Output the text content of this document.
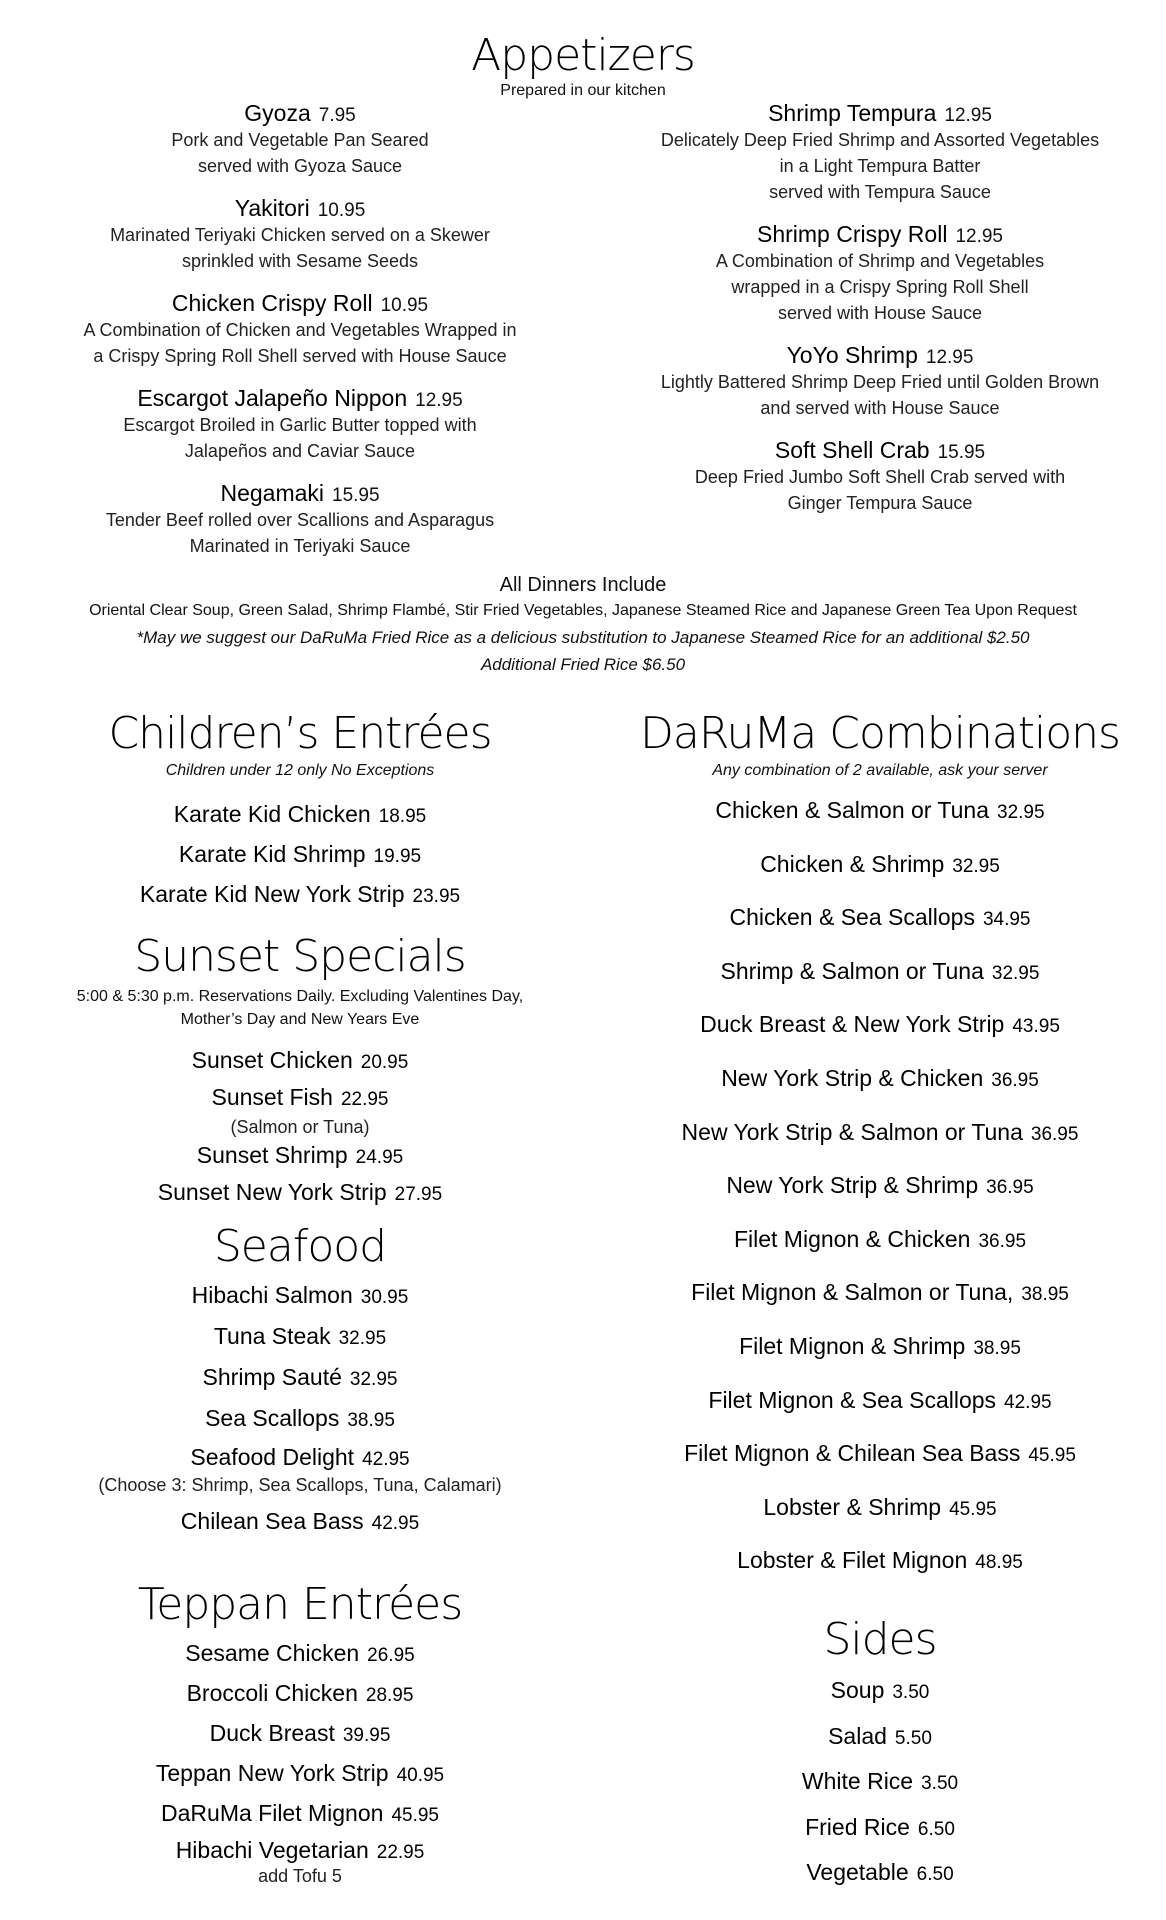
Appetizers
Prepared in our kitchen
Gyoza 7.95
Pork and Vegetable Pan Seared
served with Gyoza Sauce
Yakitori 10.95
Marinated Teriyaki Chicken served on a Skewer
sprinkled with Sesame Seeds
Chicken Crispy Roll 10.95
A Combination of Chicken and Vegetables Wrapped in
a Crispy Spring Roll Shell served with House Sauce
Escargot Jalapeño Nippon 12.95
Escargot Broiled in Garlic Butter topped with
Jalapeños and Caviar Sauce
Negamaki 15.95
Tender Beef rolled over Scallions and Asparagus
Marinated in Teriyaki Sauce
Shrimp Tempura 12.95
Delicately Deep Fried Shrimp and Assorted Vegetables
in a Light Tempura Batter
served with Tempura Sauce
Shrimp Crispy Roll 12.95
A Combination of Shrimp and Vegetables
wrapped in a Crispy Spring Roll Shell
served with House Sauce
YoYo Shrimp 12.95
Lightly Battered Shrimp Deep Fried until Golden Brown
and served with House Sauce
Soft Shell Crab 15.95
Deep Fried Jumbo Soft Shell Crab served with
Ginger Tempura Sauce
All Dinners Include
Oriental Clear Soup, Green Salad, Shrimp Flambé, Stir Fried Vegetables, Japanese Steamed Rice and Japanese Green Tea Upon Request
*May we suggest our DaRuMa Fried Rice as a delicious substitution to Japanese Steamed Rice for an additional $2.50
Additional Fried Rice $6.50
Children’s Entrées
Children under 12 only No Exceptions
Karate Kid Chicken 18.95
Karate Kid Shrimp 19.95
Karate Kid New York Strip 23.95
Sunset Specials
5:00 & 5:30 p.m. Reservations Daily. Excluding Valentines Day,
Mother’s Day and New Years Eve
Sunset Chicken 20.95
Sunset Fish 22.95
(Salmon or Tuna)
Sunset Shrimp 24.95
Sunset New York Strip 27.95
Seafood
Hibachi Salmon 30.95
Tuna Steak 32.95
Shrimp Sauté 32.95
Sea Scallops 38.95
Seafood Delight 42.95
(Choose 3: Shrimp, Sea Scallops, Tuna, Calamari)
Chilean Sea Bass 42.95
Teppan Entrées
Sesame Chicken 26.95
Broccoli Chicken 28.95
Duck Breast 39.95
Teppan New York Strip 40.95
DaRuMa Filet Mignon 45.95
Hibachi Vegetarian 22.95
add Tofu 5
DaRuMa Combinations
Any combination of 2 available, ask your server
Chicken & Salmon or Tuna 32.95
Chicken & Shrimp 32.95
Chicken & Sea Scallops 34.95
Shrimp & Salmon or Tuna 32.95
Duck Breast & New York Strip 43.95
New York Strip & Chicken 36.95
New York Strip & Salmon or Tuna 36.95
New York Strip & Shrimp 36.95
Filet Mignon & Chicken 36.95
Filet Mignon & Salmon or Tuna, 38.95
Filet Mignon & Shrimp 38.95
Filet Mignon & Sea Scallops 42.95
Filet Mignon & Chilean Sea Bass 45.95
Lobster & Shrimp 45.95
Lobster & Filet Mignon 48.95
Sides
Soup 3.50
Salad 5.50
White Rice 3.50
Fried Rice 6.50
Vegetable 6.50
